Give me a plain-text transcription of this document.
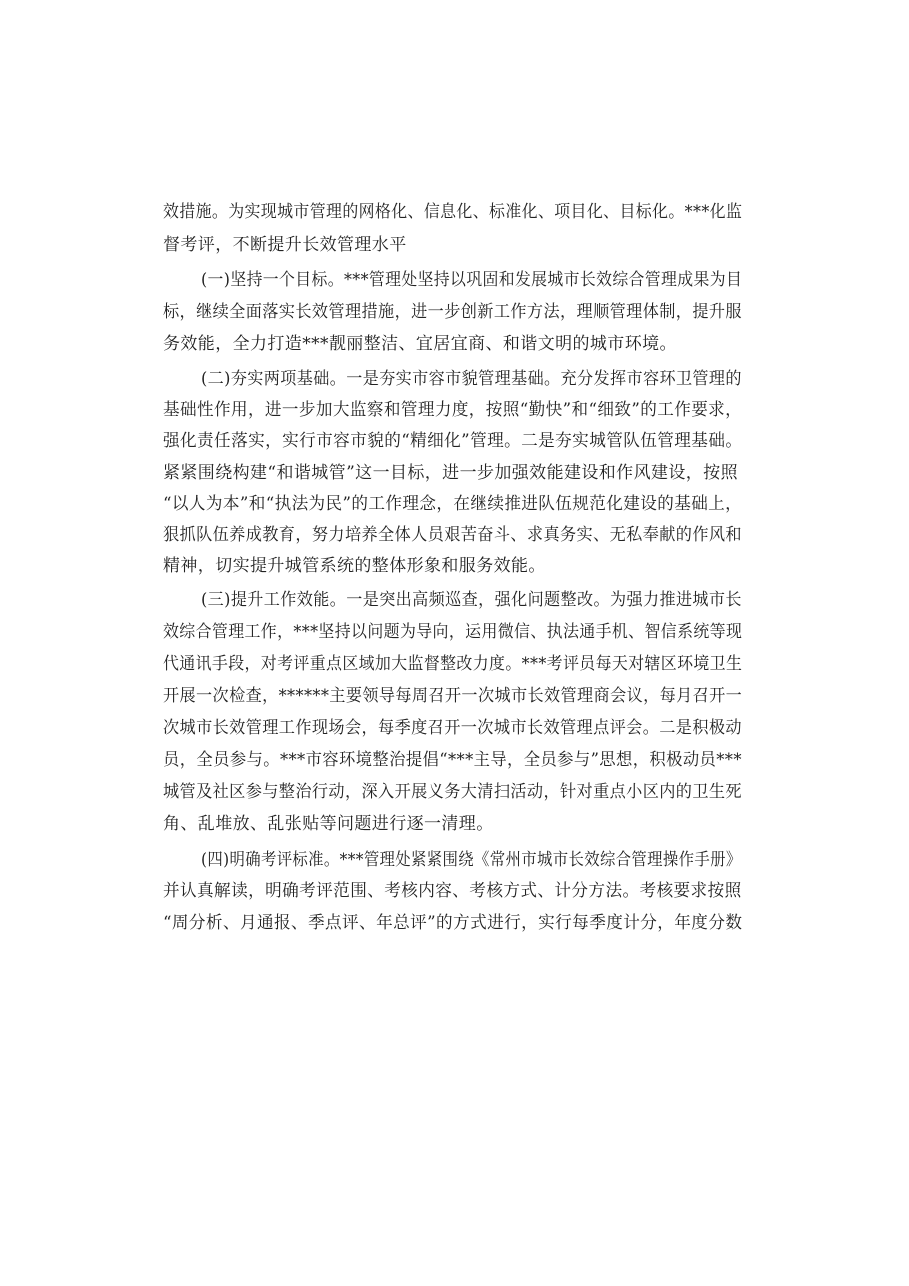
效措施。为实现城市管理的网格化、信息化、标准化、项目化、目标化。***化监
督考评，不断提升长效管理水平
(一)坚持一个目标。***管理处坚持以巩固和发展城市长效综合管理成果为目
标，继续全面落实长效管理措施，进一步创新工作方法，理顺管理体制，提升服
务效能，全力打造***靓丽整洁、宜居宜商、和谐文明的城市环境。
(二)夯实两项基础。一是夯实市容市貌管理基础。充分发挥市容环卫管理的
基础性作用，进一步加大监察和管理力度，按照“勤快”和“细致”的工作要求，
强化责任落实，实行市容市貌的“精细化”管理。二是夯实城管队伍管理基础。
紧紧围绕构建“和谐城管”这一目标，进一步加强效能建设和作风建设，按照
“以人为本”和“执法为民”的工作理念，在继续推进队伍规范化建设的基础上，
狠抓队伍养成教育，努力培养全体人员艰苦奋斗、求真务实、无私奉献的作风和
精神，切实提升城管系统的整体形象和服务效能。
(三)提升工作效能。一是突出高频巡查，强化问题整改。为强力推进城市长
效综合管理工作，***坚持以问题为导向，运用微信、执法通手机、智信系统等现
代通讯手段，对考评重点区域加大监督整改力度。***考评员每天对辖区环境卫生
开展一次检查，******主要领导每周召开一次城市长效管理商会议，每月召开一
次城市长效管理工作现场会，每季度召开一次城市长效管理点评会。二是积极动
员，全员参与。***市容环境整治提倡“***主导，全员参与”思想，积极动员***
城管及社区参与整治行动，深入开展义务大清扫活动，针对重点小区内的卫生死
角、乱堆放、乱张贴等问题进行逐一清理。
(四)明确考评标准。***管理处紧紧围绕《常州市城市长效综合管理操作手册》
并认真解读，明确考评范围、考核内容、考核方式、计分方法。考核要求按照
“周分析、月通报、季点评、年总评”的方式进行，实行每季度计分，年度分数
